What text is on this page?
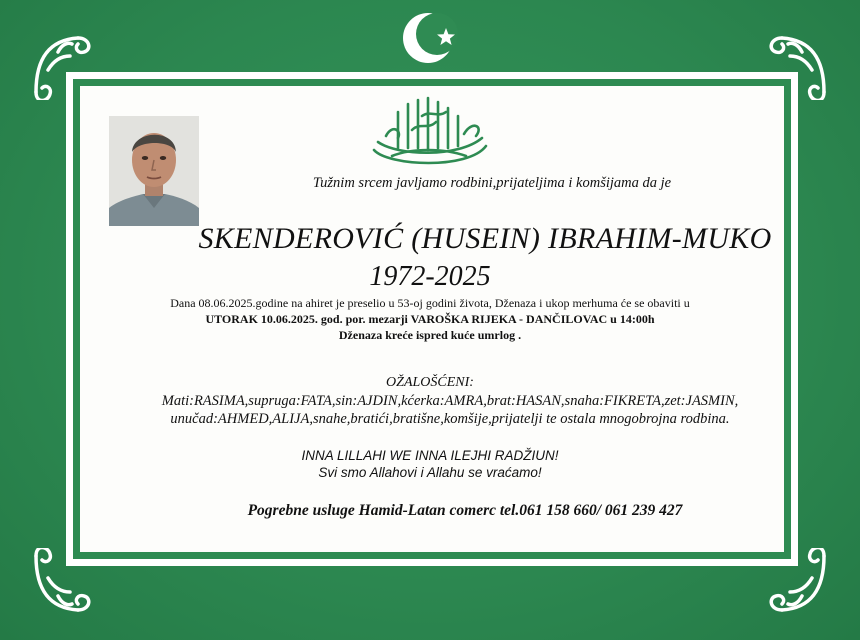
Tužnim srcem javljamo rodbini,prijateljima i komšijama da je
SKENDEROVIĆ (HUSEIN) IBRAHIM-MUKO
1972-2025
Dana 08.06.2025.godine na ahiret je preselio u 53-oj godini života, Dženaza i ukop merhuma će se obaviti u
UTORAK 10.06.2025. god. por. mezarji VAROŠKA RIJEKA - DANČILOVAC u 14:00h
Dženaza kreće ispred kuće umrlog .
OŽALOŠĆENI:
Mati:RASIMA,supruga:FATA,sin:AJDIN,kćerka:AMRA,brat:HASAN,snaha:FIKRETA,zet:JASMIN,
unučad:AHMED,ALIJA,snahe,bratići,bratišne,komšije,prijatelji te ostala mnogobrojna rodbina.
INNA LILLAHI WE INNA ILEJHI RADŽIUN!
Svi smo Allahovi i Allahu se vraćamo!
Pogrebne usluge Hamid-Latan comerc tel.061 158 660/ 061 239 427
